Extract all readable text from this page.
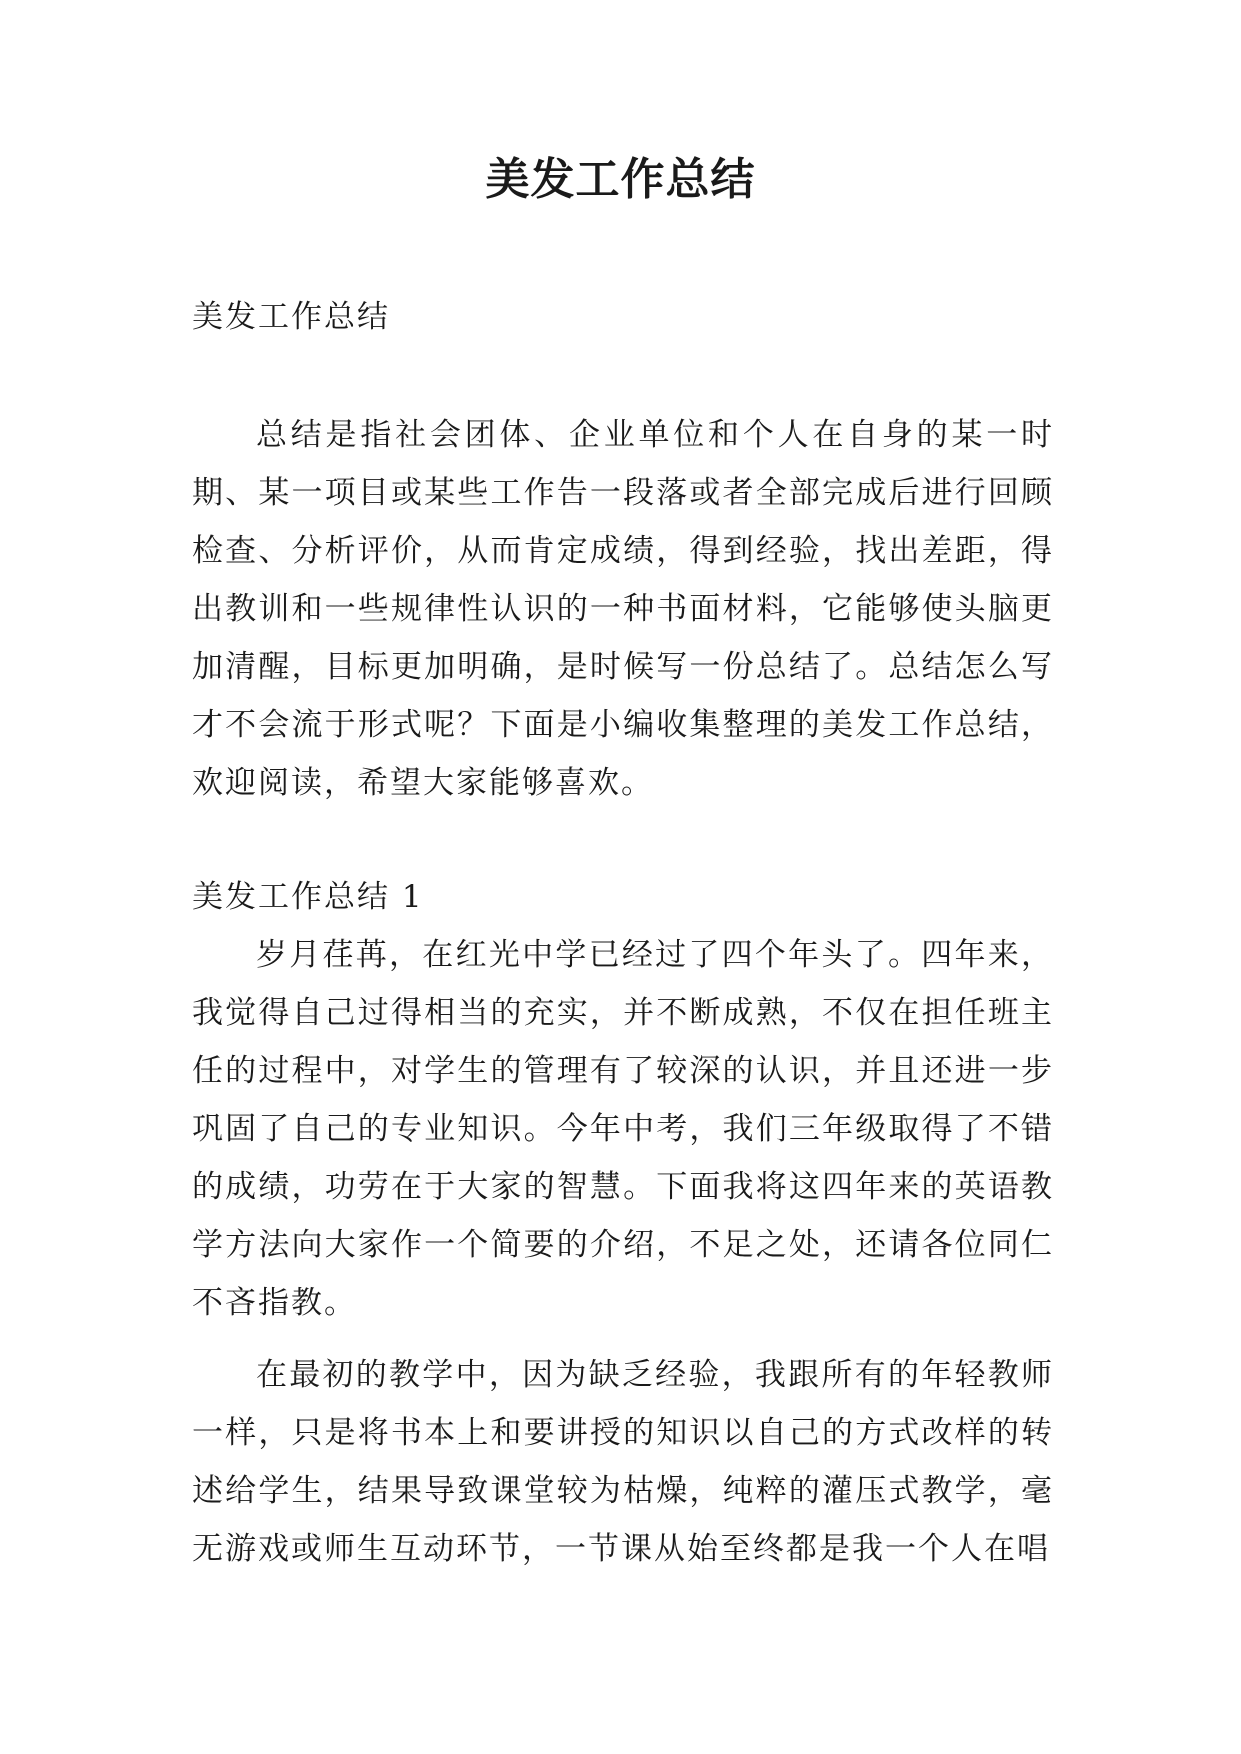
美发工作总结

美发工作总结

总结是指社会团体、企业单位和个人在自身的某一时期、某一项目或某些工作告一段落或者全部完成后进行回顾检查、分析评价，从而肯定成绩，得到经验，找出差距，得出教训和一些规律性认识的一种书面材料，它能够使头脑更加清醒，目标更加明确，是时候写一份总结了。总结怎么写才不会流于形式呢？下面是小编收集整理的美发工作总结，欢迎阅读，希望大家能够喜欢。

美发工作总结 1

岁月荏苒，在红光中学已经过了四个年头了。四年来，我觉得自己过得相当的充实，并不断成熟，不仅在担任班主任的过程中，对学生的管理有了较深的认识，并且还进一步巩固了自己的专业知识。今年中考，我们三年级取得了不错的成绩，功劳在于大家的智慧。下面我将这四年来的英语教学方法向大家作一个简要的介绍，不足之处，还请各位同仁不吝指教。

在最初的教学中，因为缺乏经验，我跟所有的年轻教师一样，只是将书本上和要讲授的知识以自己的方式改样的转述给学生，结果导致课堂较为枯燥，纯粹的灌压式教学，毫无游戏或师生互动环节，一节课从始至终都是我一个人在唱
